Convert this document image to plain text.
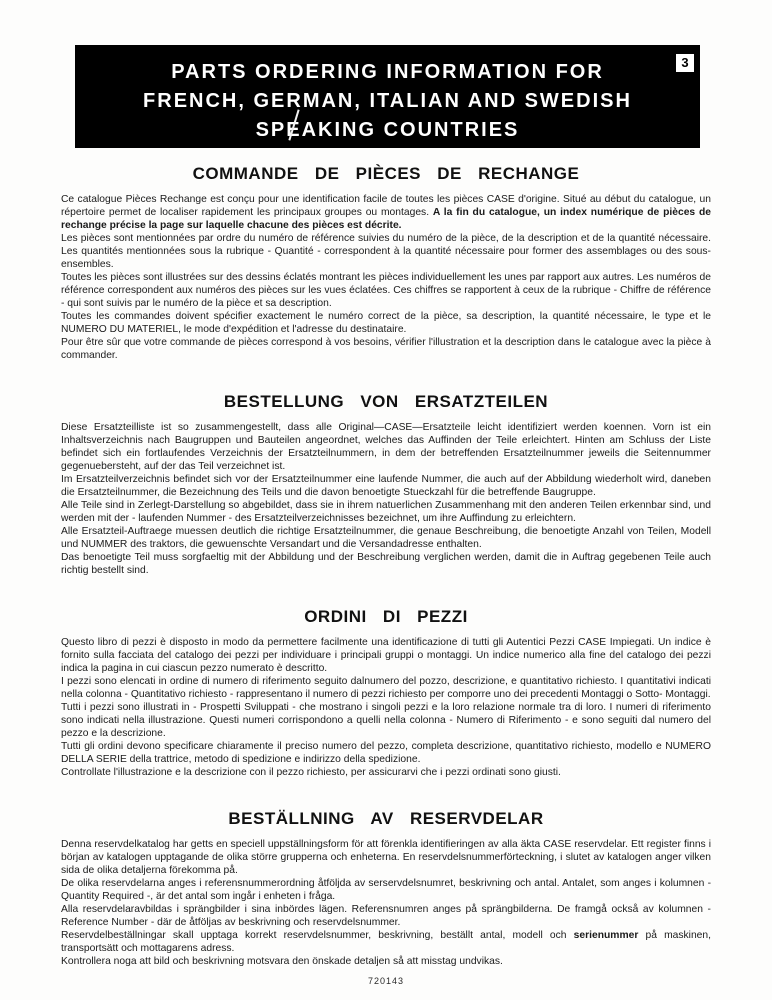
PARTS ORDERING INFORMATION FOR
FRENCH, GERMAN, ITALIAN AND SWEDISH
SPEAKING COUNTRIES
3
COMMANDE DE PIÈCES DE RECHANGE

Ce catalogue Pièces Rechange est conçu pour une identification facile de toutes les pièces CASE d'origine. Situé au début du catalogue, un répertoire permet de localiser rapidement les principaux groupes ou montages. A la fin du catalogue, un index numérique de pièces de rechange précise la page sur laquelle chacune des pièces est décrite.

Les pièces sont mentionnées par ordre du numéro de référence suivies du numéro de la pièce, de la description et de la quantité nécessaire. Les quantités mentionnées sous la rubrique - Quantité - correspondent à la quantité nécessaire pour former des assemblages ou des sous-ensembles.

Toutes les pièces sont illustrées sur des dessins éclatés montrant les pièces individuellement les unes par rapport aux autres. Les numéros de référence correspondent aux numéros des pièces sur les vues éclatées. Ces chiffres se rapportent à ceux de la rubrique - Chiffre de référence - qui sont suivis par le numéro de la pièce et sa description.

Toutes les commandes doivent spécifier exactement le numéro correct de la pièce, sa description, la quantité nécessaire, le type et le NUMERO DU MATERIEL, le mode d'expédition et l'adresse du destinataire.

Pour être sûr que votre commande de pièces correspond à vos besoins, vérifier l'illustration et la description dans le catalogue avec la pièce à commander.

BESTELLUNG VON ERSATZTEILEN

Diese Ersatzteilliste ist so zusammengestellt, dass alle Original—CASE—Ersatzteile leicht identifiziert werden koennen. Vorn ist ein Inhaltsverzeichnis nach Baugruppen und Bauteilen angeordnet, welches das Auffinden der Teile erleichtert. Hinten am Schluss der Liste befindet sich ein fortlaufendes Verzeichnis der Ersatzteilnummern, in dem der betreffenden Ersatzteilnummer jeweils die Seitennummer gegenuebersteht, auf der das Teil verzeichnet ist.

Im Ersatzteilverzeichnis befindet sich vor der Ersatzteilnummer eine laufende Nummer, die auch auf der Abbildung wiederholt wird, daneben die Ersatzteilnummer, die Bezeichnung des Teils und die davon benoetigte Stueckzahl für die betreffende Baugruppe.

Alle Teile sind in Zerlegt-Darstellung so abgebildet, dass sie in ihrem natuerlichen Zusammenhang mit den anderen Teilen erkennbar sind, und werden mit der - laufenden Nummer - des Ersatzteilverzeichnisses bezeichnet, um ihre Auffindung zu erleichtern.

Alle Ersatzteil-Auftraege muessen deutlich die richtige Ersatzteilnummer, die genaue Beschreibung, die benoetigte Anzahl von Teilen, Modell und NUMMER des traktors, die gewuenschte Versandart und die Versandadresse enthalten.

Das benoetigte Teil muss sorgfaeltig mit der Abbildung und der Beschreibung verglichen werden, damit die in Auftrag gegebenen Teile auch richtig bestellt sind.

ORDINI DI PEZZI

Questo libro di pezzi è disposto in modo da permettere facilmente una identificazione di tutti gli Autentici Pezzi CASE Impiegati. Un indice è fornito sulla facciata del catalogo dei pezzi per individuare i principali gruppi o montaggi. Un indice numerico alla fine del catalogo dei pezzi indica la pagina in cui ciascun pezzo numerato è descritto.

I pezzi sono elencati in ordine di numero di riferimento seguito dalnumero del pozzo, descrizione, e quantitativo richiesto. I quantitativi indicati nella colonna - Quantitativo richiesto - rappresentano il numero di pezzi richiesto per comporre uno dei precedenti Montaggi o Sotto- Montaggi.

Tutti i pezzi sono illustrati in - Prospetti Sviluppati - che mostrano i singoli pezzi e la loro relazione normale tra di loro. I numeri di riferimento sono indicati nella illustrazione. Questi numeri corrispondono a quelli nella colonna - Numero di Riferimento - e sono seguiti dal numero del pezzo e la descrizione.

Tutti gli ordini devono specificare chiaramente il preciso numero del pezzo, completa descrizione, quantitativo richiesto, modello e NUMERO DELLA SERIE della trattrice, metodo di spedizione e indirizzo della spedizione.

Controllate l'illustrazione e la descrizione con il pezzo richiesto, per assicurarvi che i pezzi ordinati sono giusti.

BESTÄLLNING AV RESERVDELAR

Denna reservdelkatalog har getts en speciell uppställningsform för att förenkla identifieringen av alla äkta CASE reservdelar. Ett register finns i början av katalogen upptagande de olika större grupperna och enheterna. En reservdelsnummerförteckning, i slutet av katalogen anger vilken sida de olika detaljerna förekomma på.

De olika reservdelarna anges i referensnummerordning åtföljda av serservdelsnumret, beskrivning och antal. Antalet, som anges i kolumnen - Quantity Required -, är det antal som ingår i enheten i fråga.

Alla reservdelaravbildas i sprängbilder i sina inbördes lägen. Referensnumren anges på sprängbilderna. De framgå också av kolumnen - Reference Number - där de åtföljas av beskrivning och reservdelsnummer.

Reservdelbeställningar skall upptaga korrekt reservdelsnummer, beskrivning, beställt antal, modell och serienummer på maskinen, transportsätt och mottagarens adress.

Kontrollera noga att bild och beskrivning motsvara den önskade detaljen så att misstag undvikas.

720143
